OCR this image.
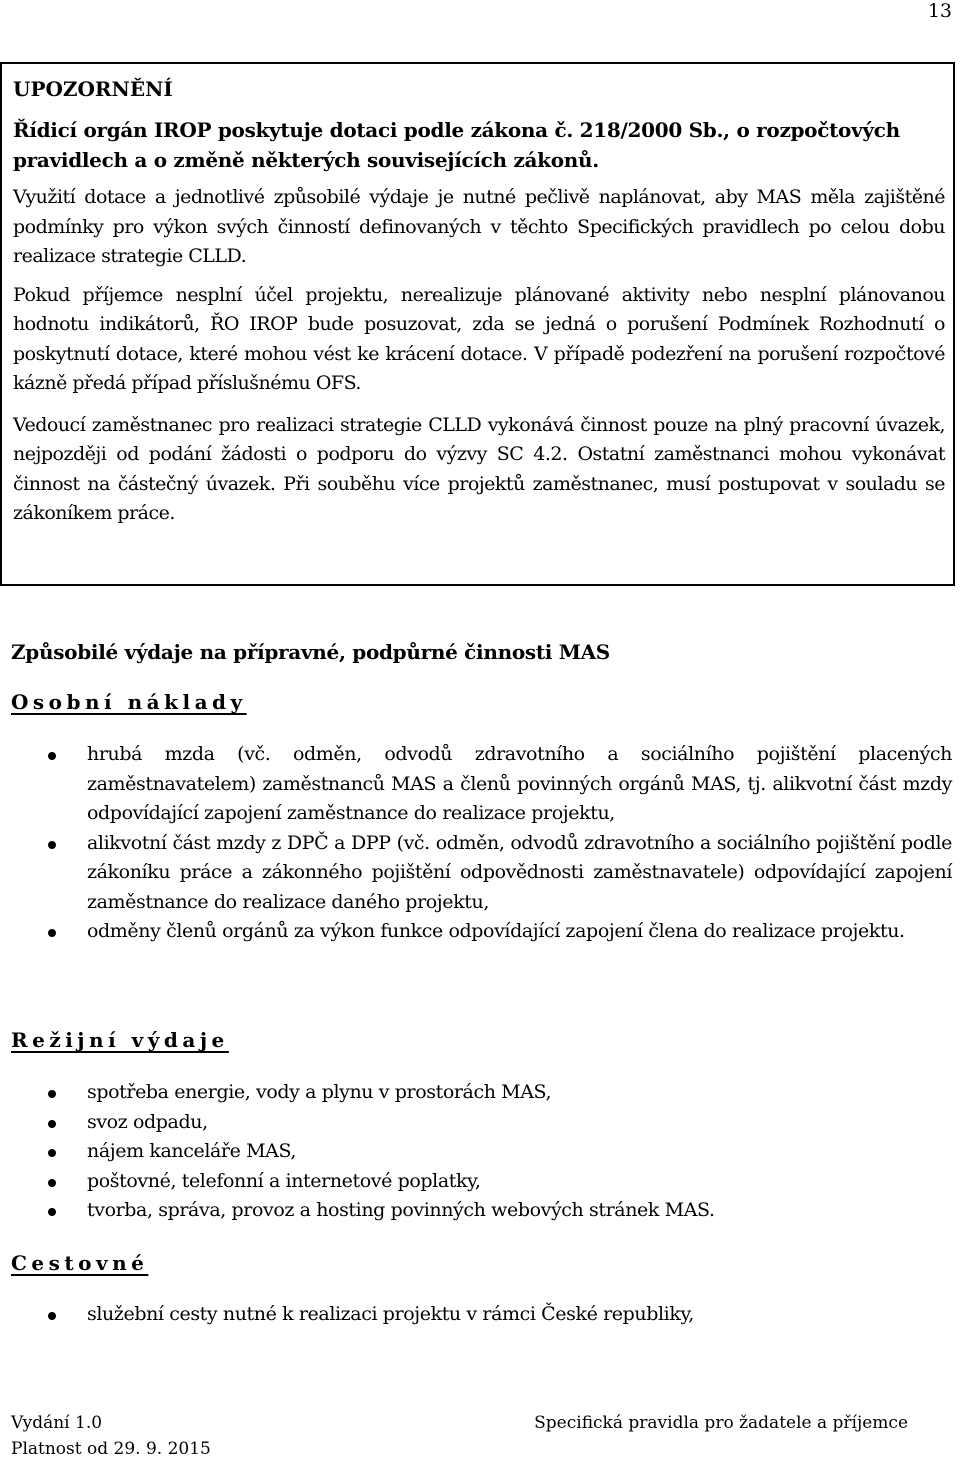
13

UPOZORNĚNÍ

Řídicí orgán IROP poskytuje dotaci podle zákona č. 218/2000 Sb., o rozpočtových pravidlech a o změně některých souvisejících zákonů.

Využití dotace a jednotlivé způsobilé výdaje je nutné pečlivě naplánovat, aby MAS měla zajištěné podmínky pro výkon svých činností definovaných v těchto Specifických pravidlech po celou dobu realizace strategie CLLD.

Pokud příjemce nesplní účel projektu, nerealizuje plánované aktivity nebo nesplní plánovanou hodnotu indikátorů, ŘO IROP bude posuzovat, zda se jedná o porušení Podmínek Rozhodnutí o poskytnutí dotace, které mohou vést ke krácení dotace. V případě podezření na porušení rozpočtové kázně předá případ příslušnému OFS.

Vedoucí zaměstnanec pro realizaci strategie CLLD vykonává činnost pouze na plný pracovní úvazek, nejpozději od podání žádosti o podporu do výzvy SC 4.2. Ostatní zaměstnanci mohou vykonávat činnost na částečný úvazek. Při souběhu více projektů zaměstnanec, musí postupovat v souladu se zákoníkem práce.

Způsobilé výdaje na přípravné, podpůrné činnosti MAS
Osobní náklady
hrubá mzda (vč. odměn, odvodů zdravotního a sociálního pojištění placených zaměstnavatelem) zaměstnanců MAS a členů povinných orgánů MAS, tj. alikvotní část mzdy odpovídající zapojení zaměstnance do realizace projektu,
alikvotní část mzdy z DPČ a DPP (vč. odměn, odvodů zdravotního a sociálního pojištění podle zákoníku práce a zákonného pojištění odpovědnosti zaměstnavatele) odpovídající zapojení zaměstnance do realizace daného projektu,
odměny členů orgánů za výkon funkce odpovídající zapojení člena do realizace projektu.
Režijní výdaje
spotřeba energie, vody a plynu v prostorách MAS,
svoz odpadu,
nájem kanceláře MAS,
poštovné, telefonní a internetové poplatky,
tvorba, správa, provoz a hosting povinných webových stránek MAS.
Cestovné
služební cesty nutné k realizaci projektu v rámci České republiky,
Vydání 1.0
Platnost od 29. 9. 2015
Specifická pravidla pro žadatele a příjemce
